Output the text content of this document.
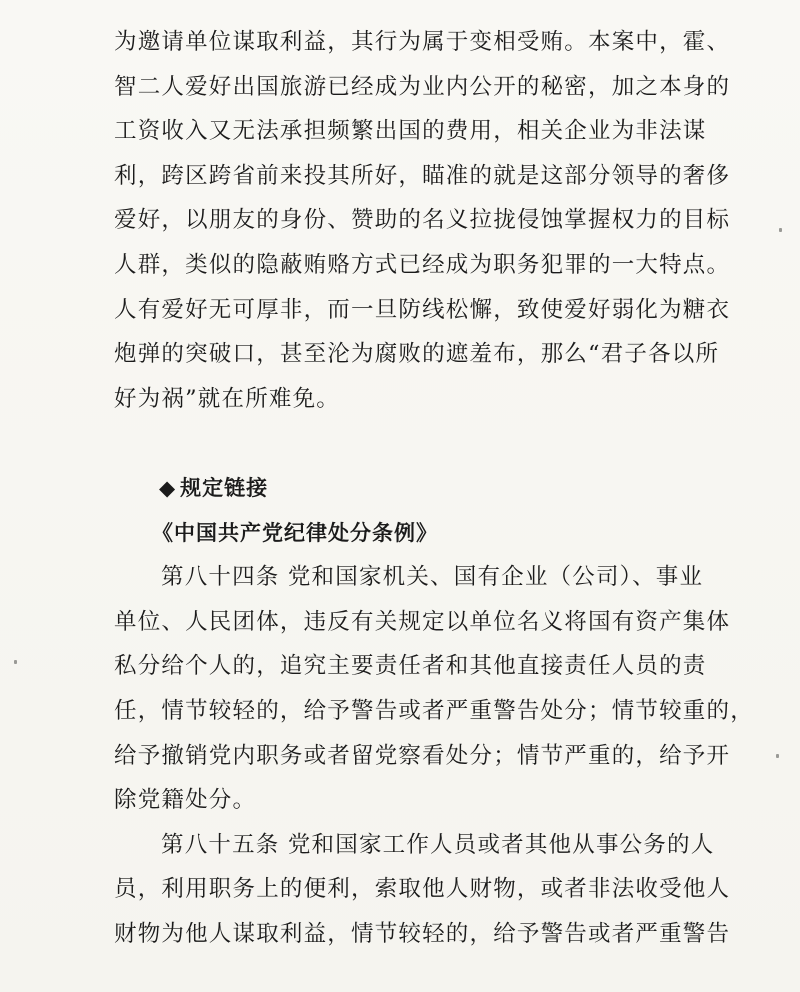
为邀请单位谋取利益，其行为属于变相受贿。本案中，霍、
智二人爱好出国旅游已经成为业内公开的秘密，加之本身的
工资收入又无法承担频繁出国的费用，相关企业为非法谋
利，跨区跨省前来投其所好，瞄准的就是这部分领导的奢侈
爱好，以朋友的身份、赞助的名义拉拢侵蚀掌握权力的目标
人群，类似的隐蔽贿赂方式已经成为职务犯罪的一大特点。
人有爱好无可厚非，而一旦防线松懈，致使爱好弱化为糖衣
炮弹的突破口，甚至沦为腐败的遮羞布，那么“君子各以所
好为祸”就在所难免。
◆ 规定链接
《中国共产党纪律处分条例》
第八十四条 党和国家机关、国有企业（公司）、事业
单位、人民团体，违反有关规定以单位名义将国有资产集体
私分给个人的，追究主要责任者和其他直接责任人员的责
任，情节较轻的，给予警告或者严重警告处分；情节较重的，
给予撤销党内职务或者留党察看处分；情节严重的，给予开
除党籍处分。
第八十五条 党和国家工作人员或者其他从事公务的人
员，利用职务上的便利，索取他人财物，或者非法收受他人
财物为他人谋取利益，情节较轻的，给予警告或者严重警告
